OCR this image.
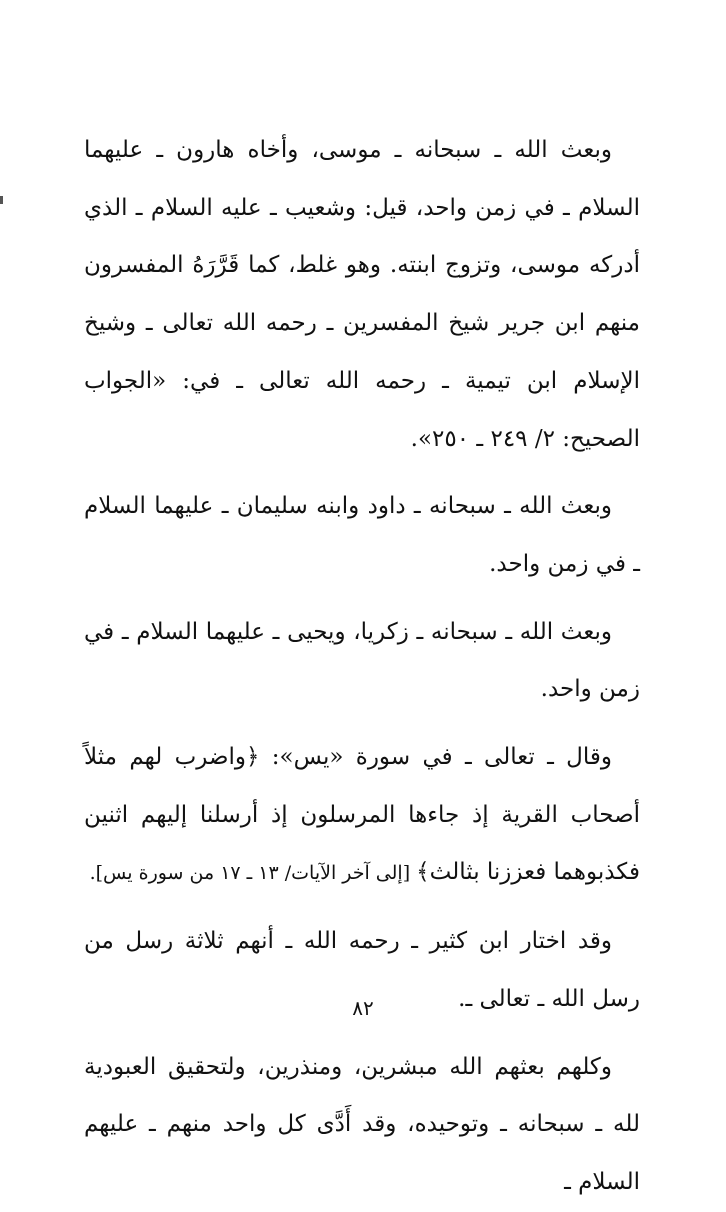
وبعث الله ـ سبحانه ـ موسى، وأخاه هارون ـ عليهما السلام ـ في زمن واحد، قيل: وشعيب ـ عليه السلام ـ الذي أدركه موسى، وتزوج ابنته. وهو غلط، كما قَرَّرَهُ المفسرون منهم ابن جرير شيخ المفسرين ـ رحمه الله تعالى ـ وشيخ الإسلام ابن تيمية ـ رحمه الله تعالى ـ في: «الجواب الصحيح: ٢/ ٢٤٩ ـ ٢٥٠».

وبعث الله ـ سبحانه ـ داود وابنه سليمان ـ عليهما السلام ـ في زمن واحد.

وبعث الله ـ سبحانه ـ زكريا، ويحيى ـ عليهما السلام ـ في زمن واحد.

وقال ـ تعالى ـ في سورة «يس»: ﴿واضرب لهم مثلاً أصحاب القرية إذ جاءها المرسلون إذ أرسلنا إليهم اثنين فكذبوهما فعززنا بثالث﴾ [إلى آخر الآيات/ ١٣ ـ ١٧ من سورة يس].

وقد اختار ابن كثير ـ رحمه الله ـ أنهم ثلاثة رسل من رسل الله ـ تعالى ـ.

وكلهم بعثهم الله مبشرين، ومنذرين، ولتحقيق العبودية لله ـ سبحانه ـ وتوحيده، وقد أَدَّى كل واحد منهم ـ عليهم السلام ـ

٨٢
